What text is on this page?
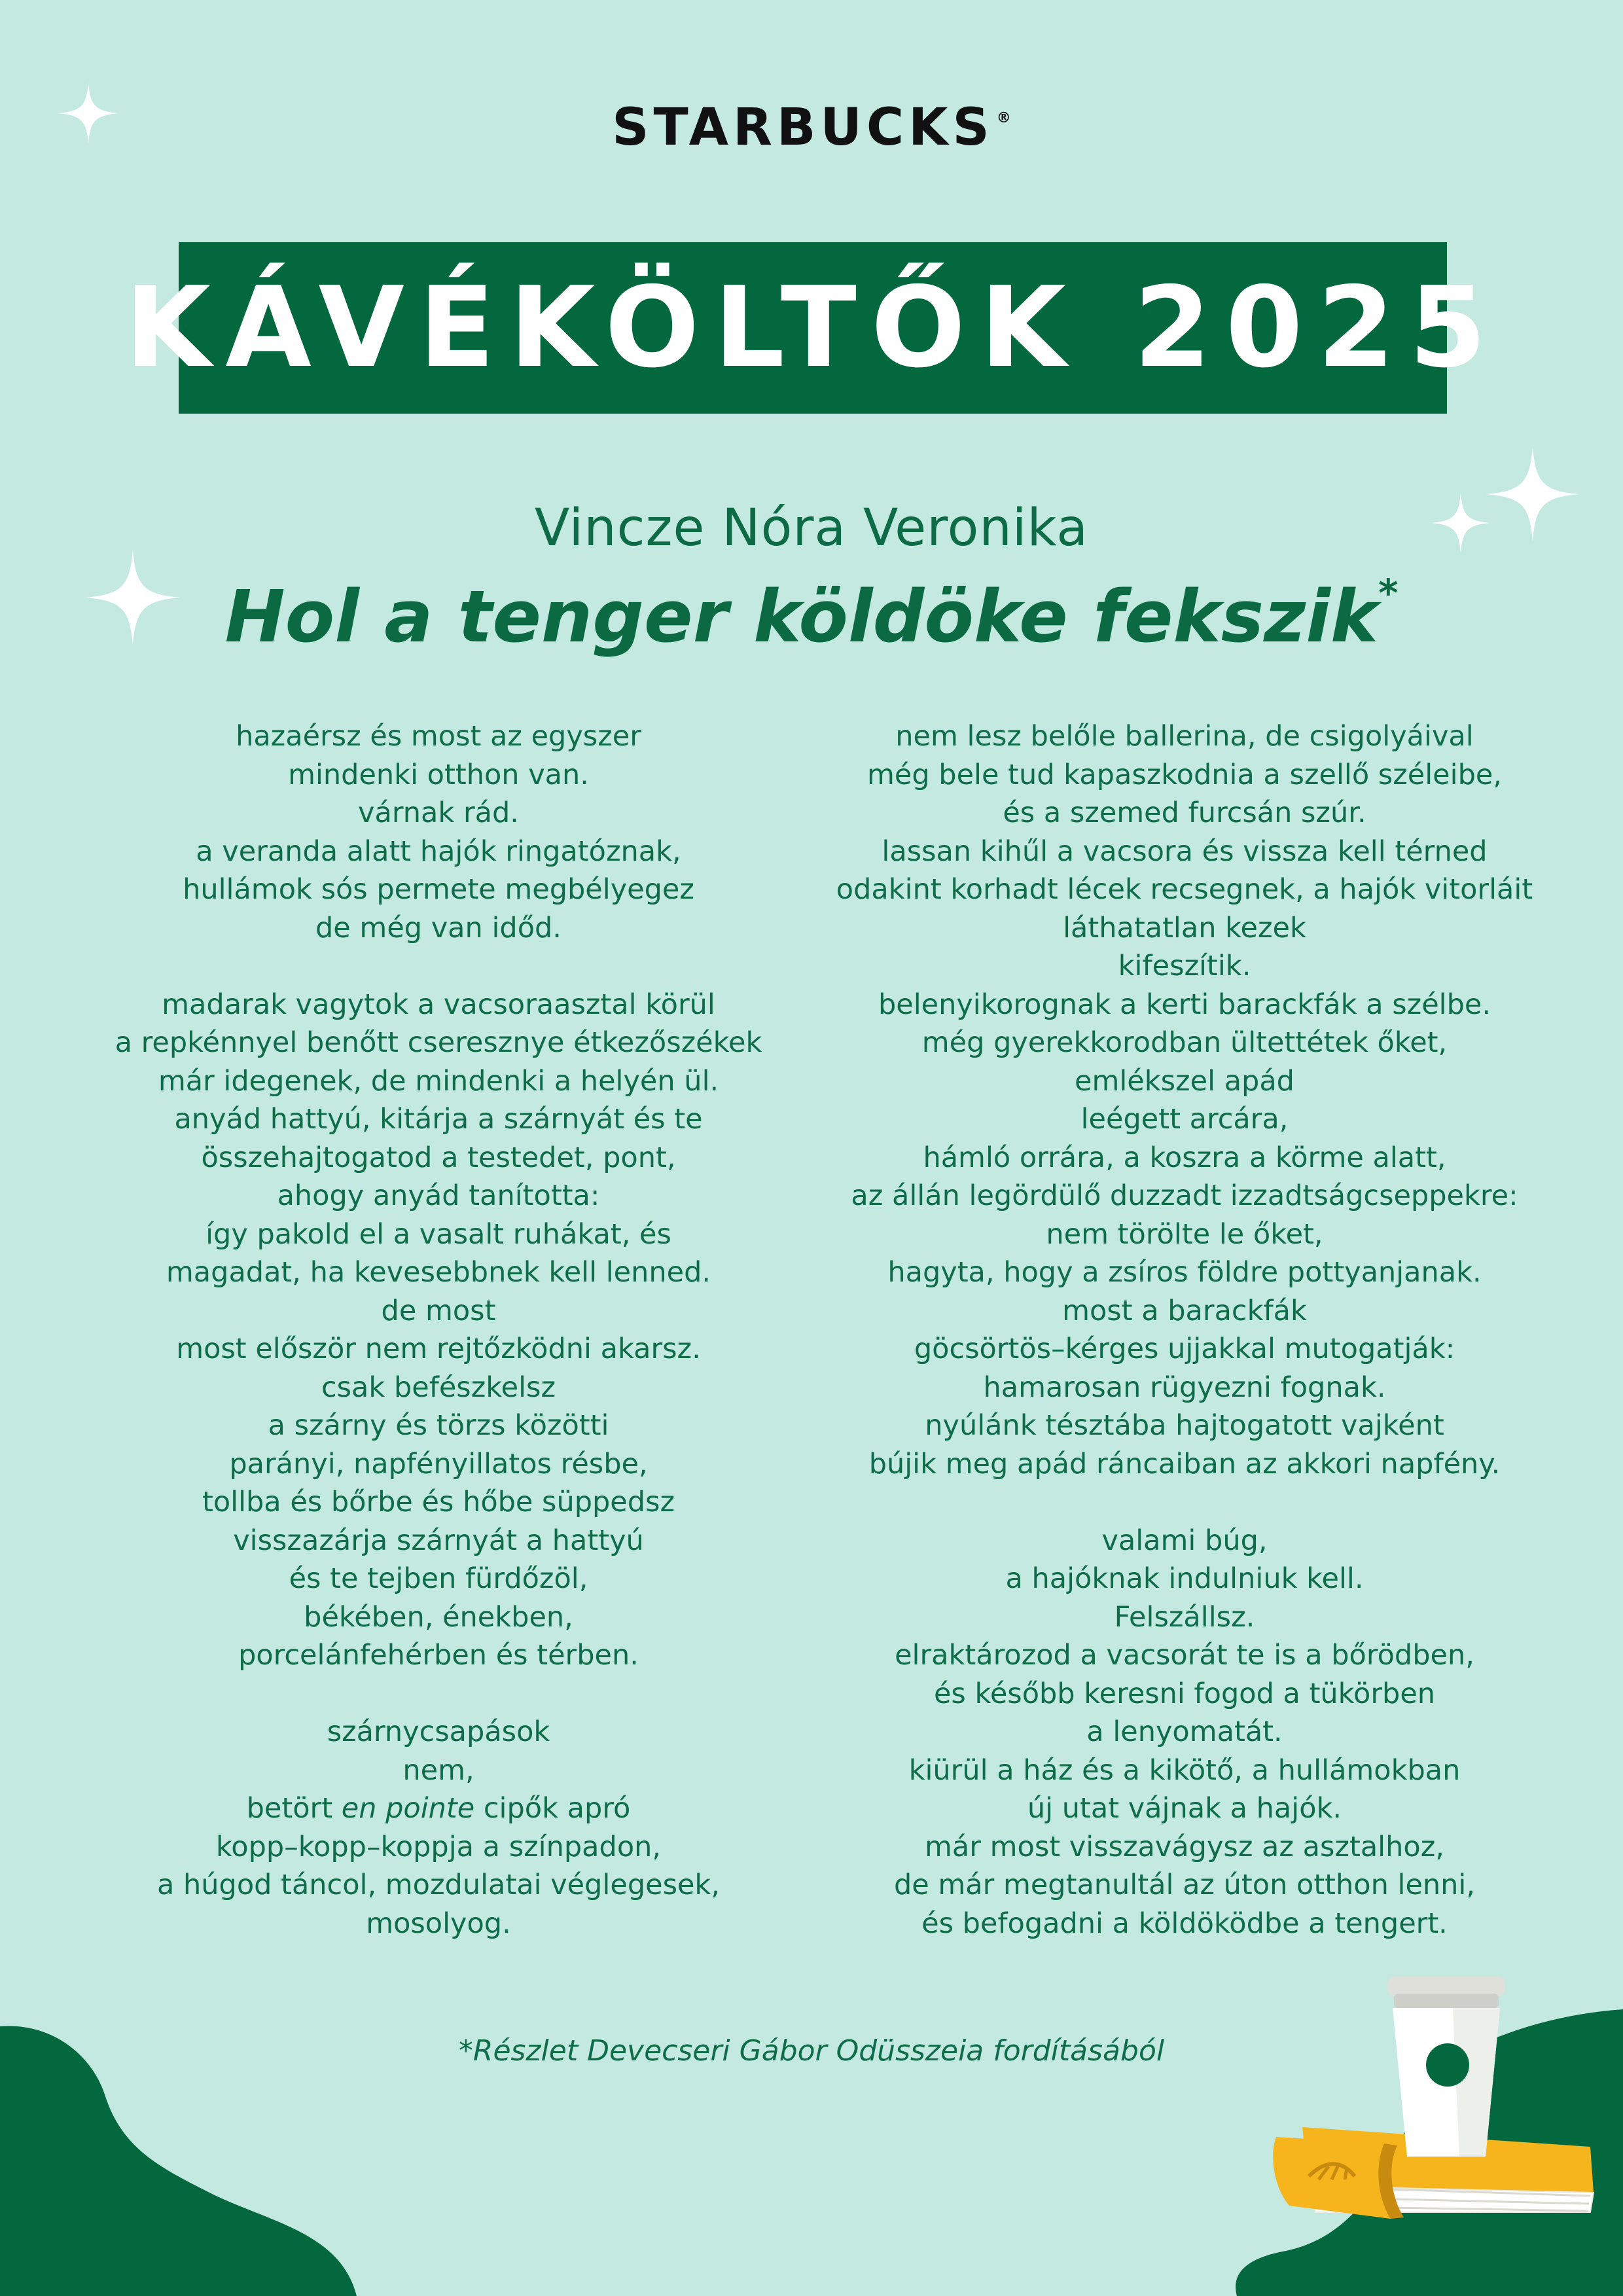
STARBUCKS ®
KÁVÉKÖLTŐK 2025
Vincze Nóra Veronika
Hol a tenger köldöke fekszik*
hazaérsz és most az egyszer
mindenki otthon van.
várnak rád.
a veranda alatt hajók ringatóznak,
hullámok sós permete megbélyegez
de még van időd.
madarak vagytok a vacsoraasztal körül
a repkénnyel benőtt cseresznye étkezőszékek
már idegenek, de mindenki a helyén ül.
anyád hattyú, kitárja a szárnyát és te
összehajtogatod a testedet, pont,
ahogy anyád tanította:
így pakold el a vasalt ruhákat, és
magadat, ha kevesebbnek kell lenned.
de most
most először nem rejtőzködni akarsz.
csak befészkelsz
a szárny és törzs közötti
parányi, napfényillatos résbe,
tollba és bőrbe és hőbe süppedsz
visszazárja szárnyát a hattyú
és te tejben fürdőzöl,
békében, énekben,
porcelánfehérben és térben.
szárnycsapások
nem,
betört en pointe cipők apró
kopp–kopp–koppja a színpadon,
a húgod táncol, mozdulatai véglegesek,
mosolyog.
nem lesz belőle ballerina, de csigolyáival
még bele tud kapaszkodnia a szellő széleibe,
és a szemed furcsán szúr.
lassan kihűl a vacsora és vissza kell térned
odakint korhadt lécek recsegnek, a hajók vitorláit
láthatatlan kezek
kifeszítik.
belenyikorognak a kerti barackfák a szélbe.
még gyerekkorodban ültettétek őket,
emlékszel apád
leégett arcára,
hámló orrára, a koszra a körme alatt,
az állán legördülő duzzadt izzadtságcseppekre:
nem törölte le őket,
hagyta, hogy a zsíros földre pottyanjanak.
most a barackfák
göcsörtös–kérges ujjakkal mutogatják:
hamarosan rügyezni fognak.
nyúlánk tésztába hajtogatott vajként
bújik meg apád ráncaiban az akkori napfény.
valami búg,
a hajóknak indulniuk kell.
Felszállsz.
elraktározod a vacsorát te is a bőrödben,
és később keresni fogod a tükörben
a lenyomatát.
kiürül a ház és a kikötő, a hullámokban
új utat vájnak a hajók.
már most visszavágysz az asztalhoz,
de már megtanultál az úton otthon lenni,
és befogadni a köldöködbe a tengert.
*Részlet Devecseri Gábor Odüsszeia fordításából
